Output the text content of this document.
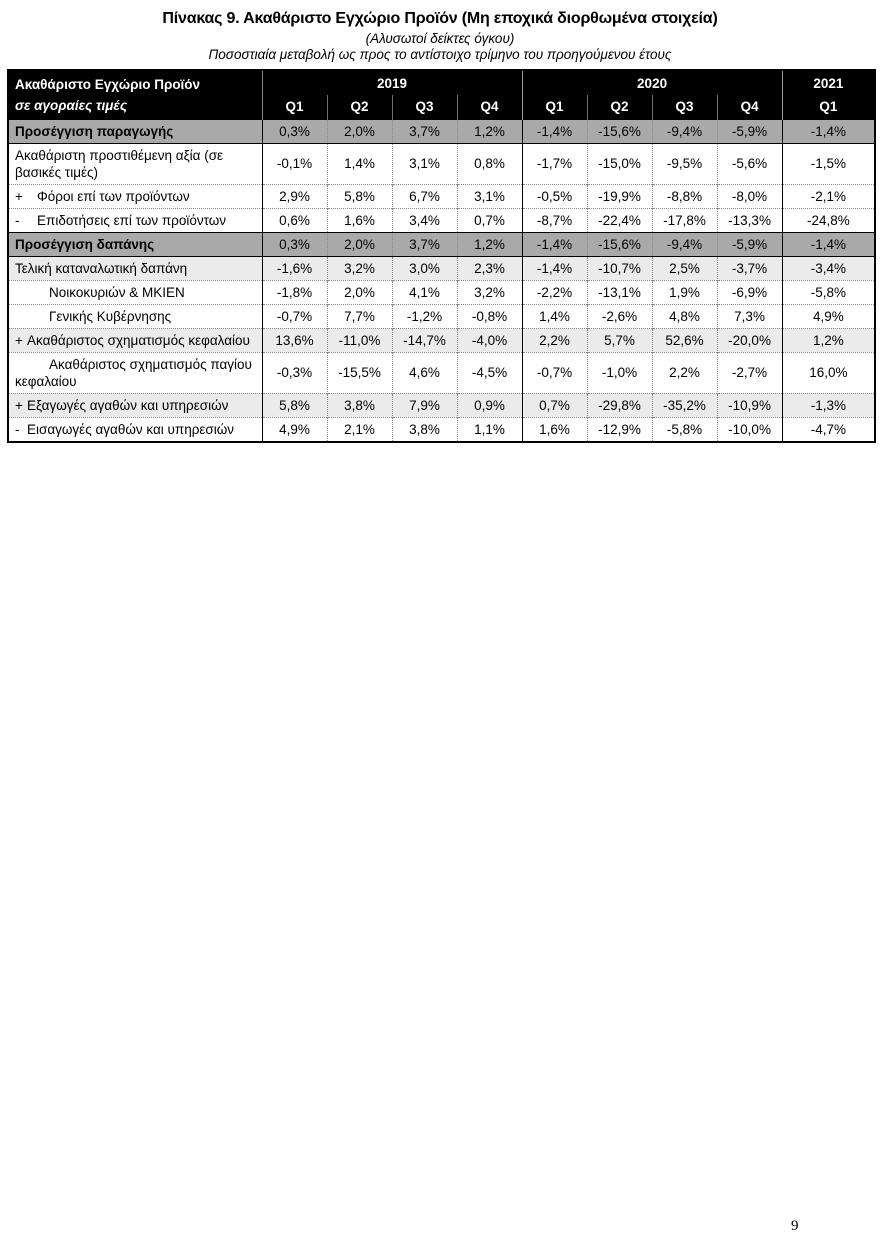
Πίνακας 9. Ακαθάριστο Εγχώριο Προϊόν (Μη εποχικά διορθωμένα στοιχεία)
(Αλυσωτοί δείκτες όγκου)
Ποσοστιαία μεταβολή ως προς το αντίστοιχο τρίμηνο του προηγούμενου έτους
Ακαθάριστο Εγχώριο Προϊόν
σε αγοραίες τιμές	2019				2020				2021
	Q1	Q2	Q3	Q4	Q1	Q2	Q3	Q4	Q1
Προσέγγιση παραγωγής	0,3%	2,0%	3,7%	1,2%	-1,4%	-15,6%	-9,4%	-5,9%	-1,4%
Ακαθάριστη προστιθέμενη αξία (σε βασικές τιμές)	-0,1%	1,4%	3,1%	0,8%	-1,7%	-15,0%	-9,5%	-5,6%	-1,5%
+ Φόροι επί των προϊόντων	2,9%	5,8%	6,7%	3,1%	-0,5%	-19,9%	-8,8%	-8,0%	-2,1%
- Επιδοτήσεις επί των προϊόντων	0,6%	1,6%	3,4%	0,7%	-8,7%	-22,4%	-17,8%	-13,3%	-24,8%
Προσέγγιση δαπάνης	0,3%	2,0%	3,7%	1,2%	-1,4%	-15,6%	-9,4%	-5,9%	-1,4%
Τελική καταναλωτική δαπάνη	-1,6%	3,2%	3,0%	2,3%	-1,4%	-10,7%	2,5%	-3,7%	-3,4%
Νοικοκυριών & ΜΚΙΕΝ	-1,8%	2,0%	4,1%	3,2%	-2,2%	-13,1%	1,9%	-6,9%	-5,8%
Γενικής Κυβέρνησης	-0,7%	7,7%	-1,2%	-0,8%	1,4%	-2,6%	4,8%	7,3%	4,9%
+ Ακαθάριστος σχηματισμός κεφαλαίου	13,6%	-11,0%	-14,7%	-4,0%	2,2%	5,7%	52,6%	-20,0%	1,2%
Ακαθάριστος σχηματισμός παγίου κεφαλαίου	-0,3%	-15,5%	4,6%	-4,5%	-0,7%	-1,0%	2,2%	-2,7%	16,0%
+ Εξαγωγές αγαθών και υπηρεσιών	5,8%	3,8%	7,9%	0,9%	0,7%	-29,8%	-35,2%	-10,9%	-1,3%
- Εισαγωγές αγαθών και υπηρεσιών	4,9%	2,1%	3,8%	1,1%	1,6%	-12,9%	-5,8%	-10,0%	-4,7%
9
